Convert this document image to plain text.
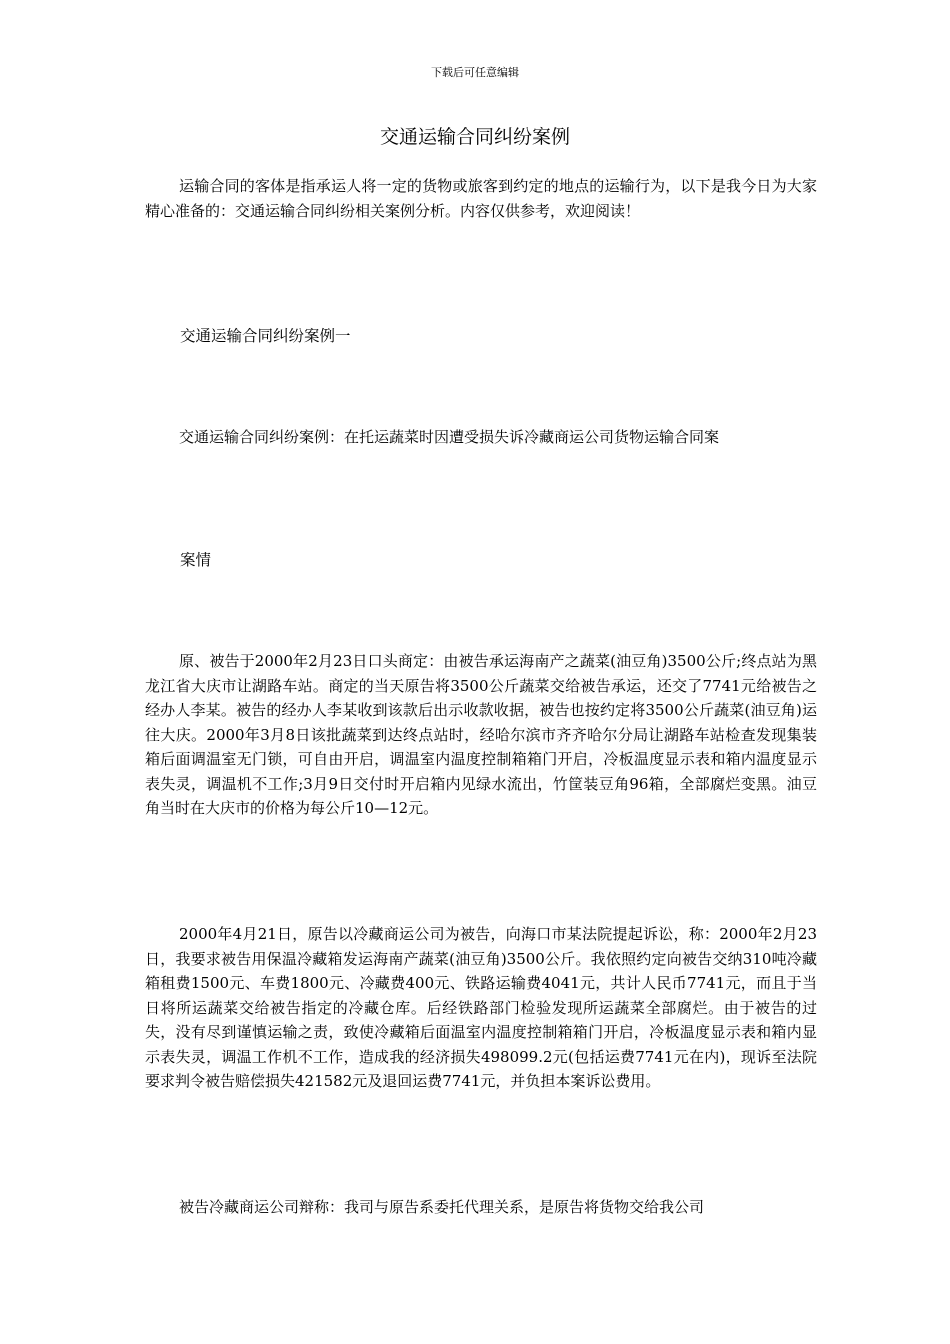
下载后可任意编辑
交通运输合同纠纷案例

运输合同的客体是指承运人将一定的货物或旅客到约定的地点的运输行为，以下是我今日为大家精心准备的：交通运输合同纠纷相关案例分析。内容仅供参考，欢迎阅读！

交通运输合同纠纷案例一

交通运输合同纠纷案例：在托运蔬菜时因遭受损失诉冷藏商运公司货物运输合同案

案情

原、被告于2000年2月23日口头商定：由被告承运海南产之蔬菜(油豆角)3500公斤;终点站为黑龙江省大庆市让湖路车站。商定的当天原告将3500公斤蔬菜交给被告承运，还交了7741元给被告之经办人李某。被告的经办人李某收到该款后出示收款收据，被告也按约定将3500公斤蔬菜(油豆角)运往大庆。2000年3月8日该批蔬菜到达终点站时，经哈尔滨市齐齐哈尔分局让湖路车站检查发现集装箱后面调温室无门锁，可自由开启，调温室内温度控制箱箱门开启，冷板温度显示表和箱内温度显示表失灵，调温机不工作;3月9日交付时开启箱内见绿水流出，竹筐装豆角96箱，全部腐烂变黑。油豆角当时在大庆市的价格为每公斤10—12元。

2000年4月21日，原告以冷藏商运公司为被告，向海口市某法院提起诉讼，称：2000年2月23日，我要求被告用保温冷藏箱发运海南产蔬菜(油豆角)3500公斤。我依照约定向被告交纳310吨冷藏箱租费1500元、车费1800元、冷藏费400元、铁路运输费4041元，共计人民币7741元，而且于当日将所运蔬菜交给被告指定的冷藏仓库。后经铁路部门检验发现所运蔬菜全部腐烂。由于被告的过失，没有尽到谨慎运输之责，致使冷藏箱后面温室内温度控制箱箱门开启，冷板温度显示表和箱内显示表失灵，调温工作机不工作，造成我的经济损失498099.2元(包括运费7741元在内)，现诉至法院要求判令被告赔偿损失421582元及退回运费7741元，并负担本案诉讼费用。

被告冷藏商运公司辩称：我司与原告系委托代理关系，是原告将货物交给我公司
